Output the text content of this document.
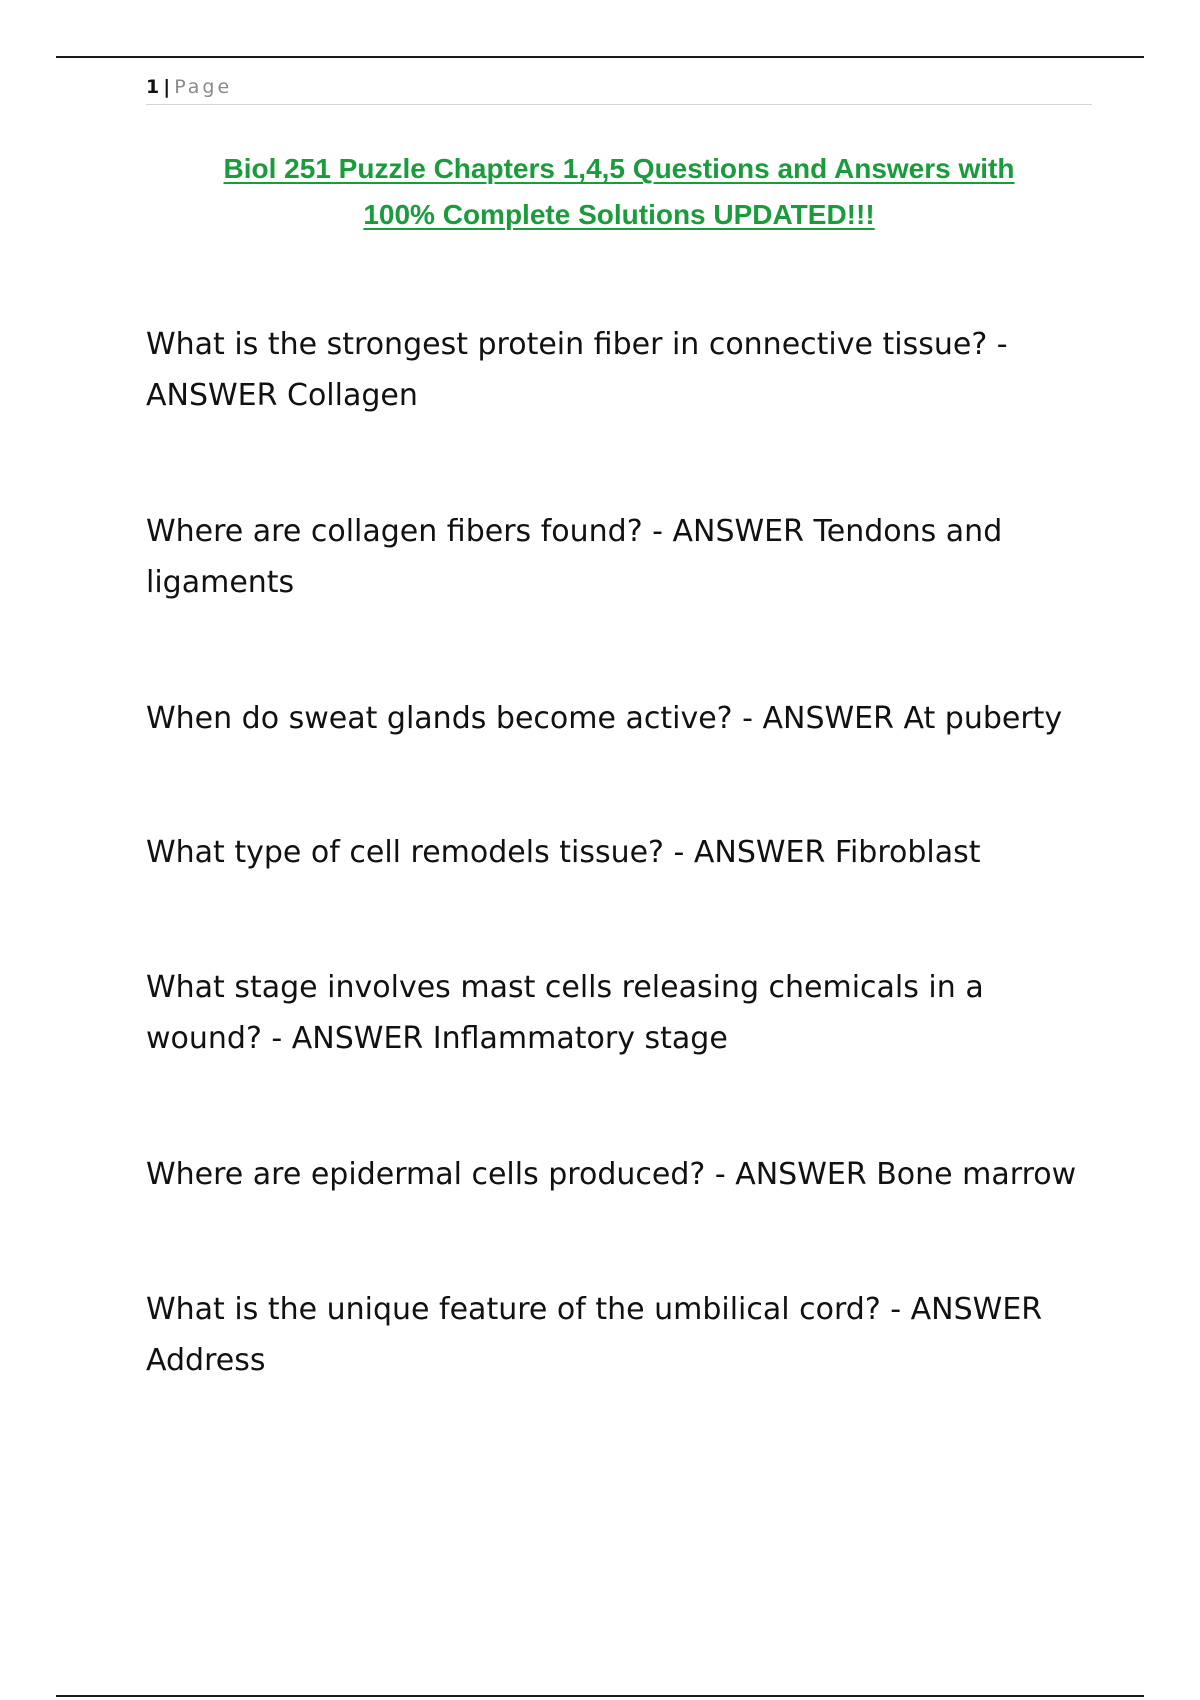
1 | Page
Biol 251 Puzzle Chapters 1,4,5 Questions and Answers with
100% Complete Solutions UPDATED!!!

What is the strongest protein fiber in connective tissue? - ANSWER Collagen

Where are collagen fibers found? - ANSWER Tendons and ligaments

When do sweat glands become active? - ANSWER At puberty

What type of cell remodels tissue? - ANSWER Fibroblast

What stage involves mast cells releasing chemicals in a wound? - ANSWER Inflammatory stage

Where are epidermal cells produced? - ANSWER Bone marrow

What is the unique feature of the umbilical cord? - ANSWER Address
